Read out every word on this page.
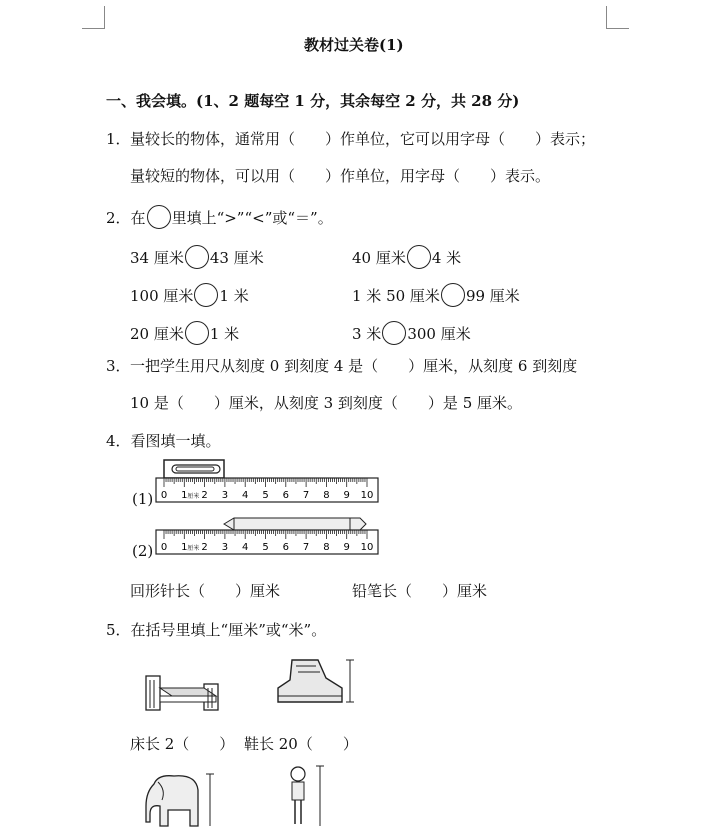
教材过关卷(1)
一、我会填。(1、2 题每空 1 分，其余每空 2 分，共 28 分)
1． 量较长的物体，通常用（　　）作单位，它可以用字母（　　）表示；
量较短的物体，可以用（　　）作单位，用字母（　　）表示。
2．在 里填上“>”“<”或“＝”。
34 厘米 43 厘米	40 厘米 4 米
100 厘米 1 米	1 米 50 厘米 99 厘米
20 厘米 1 米	3 米 300 厘米
3． 一把学生用尺从刻度 0 到刻度 4 是（　　）厘米，从刻度 6 到刻度
10 是（　　）厘米，从刻度 3 到刻度（　　）是 5 厘米。
4．看图填一填。
(1)
(2)
0 1 2 3 4 5 6 7 8 9 10
厘米
0 1 2 3 4 5 6 7 8 9 10
厘米
回形针长（　　）厘米	铅笔长（　　）厘米
5．在括号里填上“厘米”或“米”。
床长 2（　　） 鞋长 20（　　）
